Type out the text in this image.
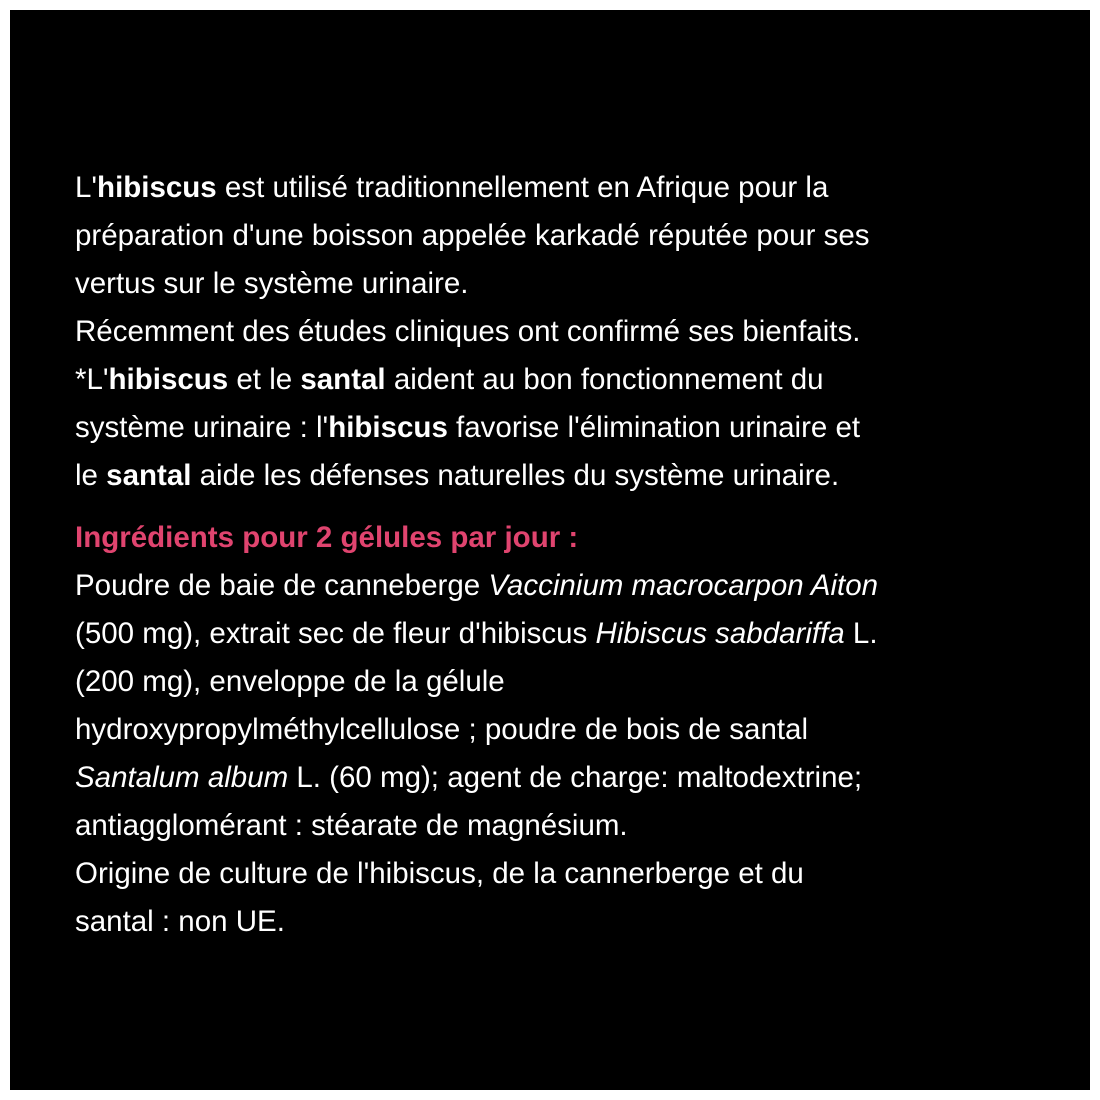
L'hibiscus est utilisé traditionnellement en Afrique pour la
préparation d'une boisson appelée karkadé réputée pour ses
vertus sur le système urinaire.
Récemment des études cliniques ont confirmé ses bienfaits.
*L'hibiscus et le santal aident au bon fonctionnement du
système urinaire : l'hibiscus favorise l'élimination urinaire et
le santal aide les défenses naturelles du système urinaire.
Ingrédients pour 2 gélules par jour :
Poudre de baie de canneberge Vaccinium macrocarpon Aiton
(500 mg), extrait sec de fleur d'hibiscus Hibiscus sabdariffa L.
(200 mg), enveloppe de la gélule
hydroxypropylméthylcellulose ; poudre de bois de santal
Santalum album L. (60 mg); agent de charge: maltodextrine;
antiagglomérant : stéarate de magnésium.
Origine de culture de l'hibiscus, de la cannerberge et du
santal : non UE.
